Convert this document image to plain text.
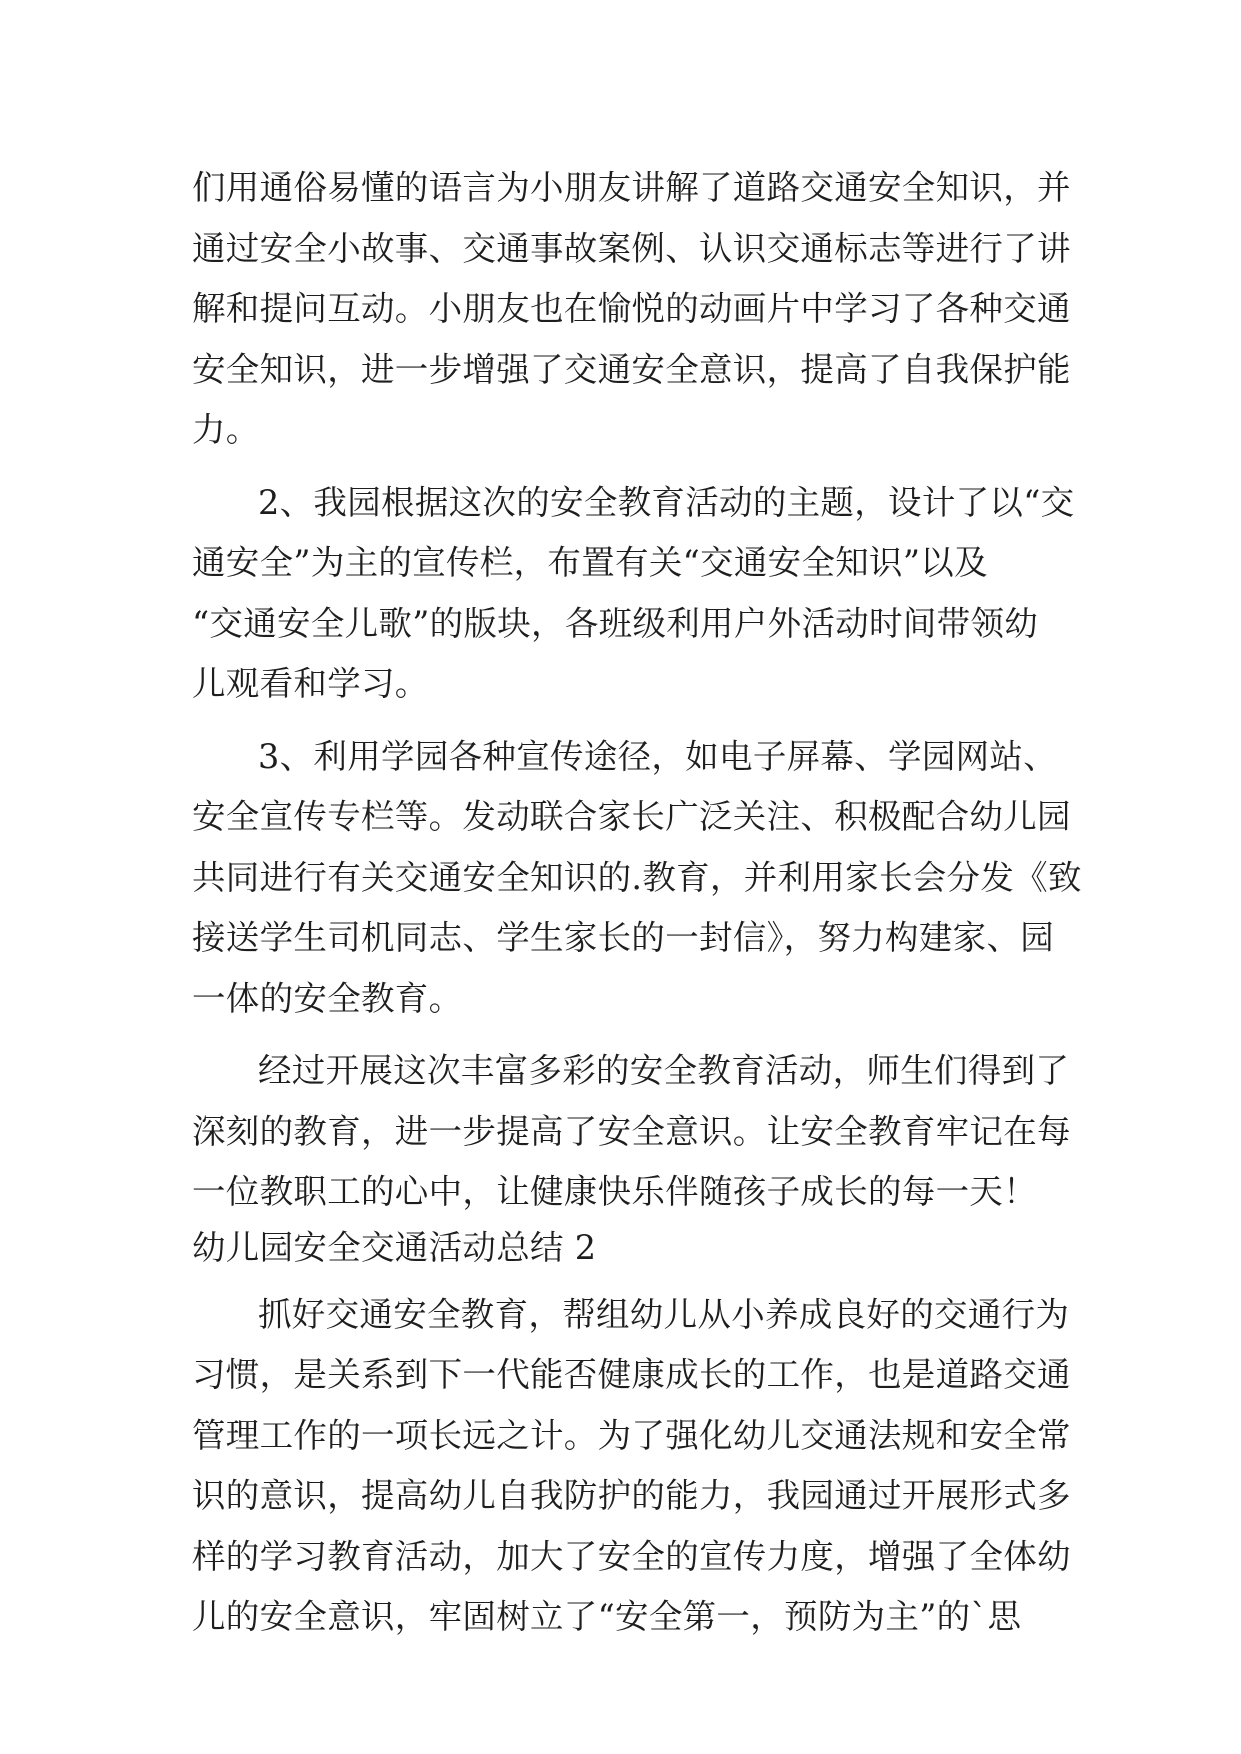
们用通俗易懂的语言为小朋友讲解了道路交通安全知识，并
通过安全小故事、交通事故案例、认识交通标志等进行了讲
解和提问互动。小朋友也在愉悦的动画片中学习了各种交通
安全知识，进一步增强了交通安全意识，提高了自我保护能
力。
2、我园根据这次的安全教育活动的主题，设计了以“交
通安全”为主的宣传栏，布置有关“交通安全知识”以及
“交通安全儿歌”的版块，各班级利用户外活动时间带领幼
儿观看和学习。
3、利用学园各种宣传途径，如电子屏幕、学园网站、
安全宣传专栏等。发动联合家长广泛关注、积极配合幼儿园
共同进行有关交通安全知识的.教育，并利用家长会分发《致
接送学生司机同志、学生家长的一封信》，努力构建家、园
一体的安全教育。
经过开展这次丰富多彩的安全教育活动，师生们得到了
深刻的教育，进一步提高了安全意识。让安全教育牢记在每
一位教职工的心中，让健康快乐伴随孩子成长的每一天！
幼儿园安全交通活动总结 2
抓好交通安全教育，帮组幼儿从小养成良好的交通行为
习惯，是关系到下一代能否健康成长的工作，也是道路交通
管理工作的一项长远之计。为了强化幼儿交通法规和安全常
识的意识，提高幼儿自我防护的能力，我园通过开展形式多
样的学习教育活动，加大了安全的宣传力度，增强了全体幼
儿的安全意识，牢固树立了“安全第一，预防为主”的`思
